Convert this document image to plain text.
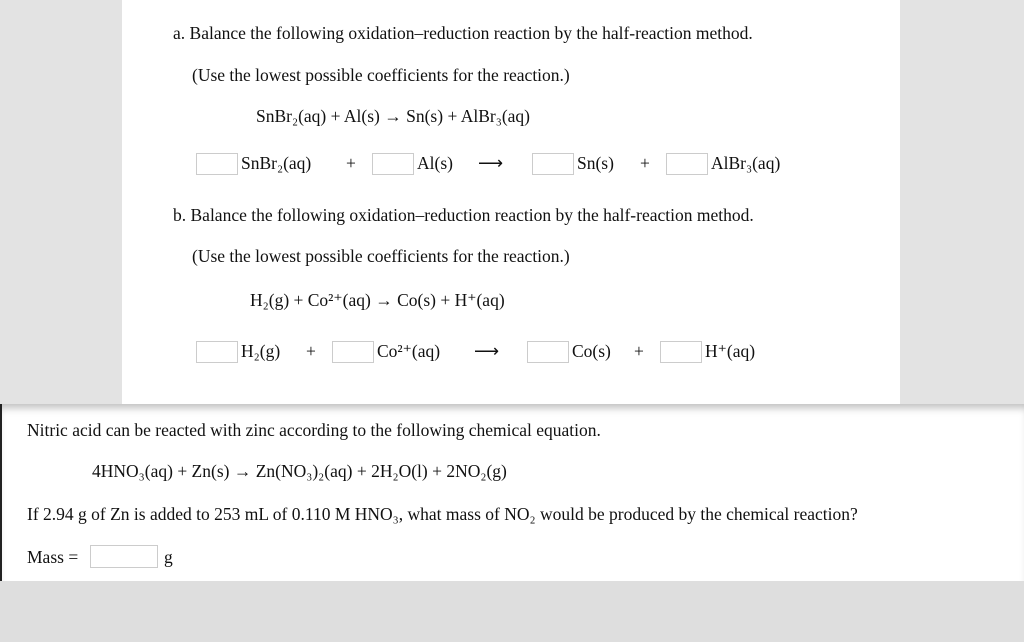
a. Balance the following oxidation–reduction reaction by the half-reaction method.
(Use the lowest possible coefficients for the reaction.)
SnBr₂(aq) + Al(s) → Sn(s) + AlBr₃(aq)
SnBr₂(aq) +	Al(s) ⟶	Sn(s) +	AlBr₃(aq)
b. Balance the following oxidation–reduction reaction by the half-reaction method.
(Use the lowest possible coefficients for the reaction.)
H₂(g) + Co²⁺(aq) → Co(s) + H⁺(aq)
H₂(g) +	Co²⁺(aq) ⟶	Co(s) +	H⁺(aq)
Nitric acid can be reacted with zinc according to the following chemical equation.
4HNO₃(aq) + Zn(s) → Zn(NO₃)₂(aq) + 2H₂O(l) + 2NO₂(g)
If 2.94 g of Zn is added to 253 mL of 0.110 M HNO₃, what mass of NO₂ would be produced by the chemical reaction?
Mass =	g
